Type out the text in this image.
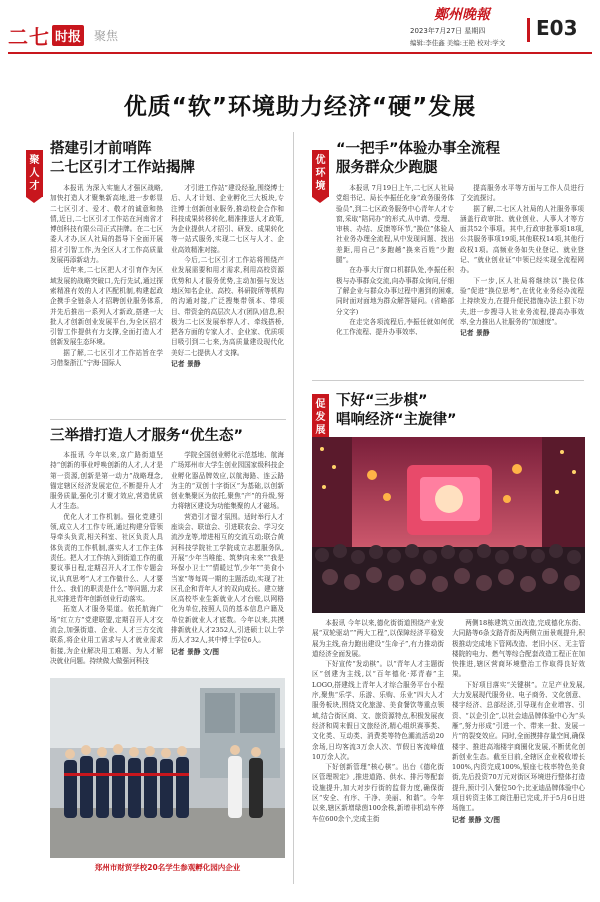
二七 时报 聚焦
鄭州晚報
2023年7月27日 星期四
编辑:李佳鑫 美编:王艳 校对:学文
E03
优质“软”环境助力经济“硬”发展
聚人才
搭建引才前哨阵
二七区引才工作站揭牌

本报讯 为深入实施人才强区战略,加快打造人才聚集新高地,进一步彰显二七区引才、爱才、敬才的诚意和热情,近日,二七区引才工作站在河南省才博创科技有限公司正式挂牌。在二七区委人才办,区人社局的指导下全面开展招才引智工作,为全区人才工作高质量发展再添新动力。

近年来,二七区把人才引育作为区域发展的战略突破口,先行先试,通过探索精准有效的人才匹配机制,构建起政企携手全链条人才招聘创业服务体系,并先后推出一系列人才新政,搭建一大批人才创新创业发展平台,为全区招才引智工作提供有力支撑,全面打造人才创新发展生态环境。

据了解,二七区引才工作站旨在学习借鉴浙江“宁海·国际人

才引进工作站”建设经验,围绕博士后、人才计划、企业孵化三大板块,专注博士创新创业服务,推动校企合作和科技成果转移转化,精准推送人才政策,为企业提供人才招引、研发、成果转化等一站式服务,实现二七区与人才、企业高效精准对接。

今后,二七区引才工作站将围绕产业发展需要和用才需求,利用高校资源优势和人才服务优势,主动加强与发达地区知名企业、高校、科研院所等机构的沟通对接,广泛搜集带领本、带项目、带资金的高层次人才(团队)信息,积极为二七区发展举荐人才、牵线搭桥,把各方面的专家人才、企业家、优质项目吸引到二七来,为高质量建设现代化美好二七提供人才支撑。

记者 景静
三举措打造人才服务“优生态”

本报讯 今年以来,京广路街道坚持“创新的事业呼唤创新的人才,人才是第一资源,创新是第一动力”战略理念,锚定辖区经济发展定位,不断提升人才服务质量,强化引才聚才效应,营造优质人才生态。

优化人才工作机制。强化党建引领,成立人才工作专班,通过构建分管领导牵头负责,相关科室、社区负责人具体负责的工作机制,落实人才工作主体责任。把人才工作纳入到街道工作的重要议事日程,定期召开人才工作专题会议,认真思考“人才工作做什么、人才要什么、我们的职责是什么”等问题,力求扎实推进青年创新创业行动落实。

拓宽人才服务渠道。依托航海广场“红立方”党建联盟,定期召开人才交流会,加强街道、企业、人才三方交流联系,将企业用工需求与人才就业需求衔接,为企业解决用工难题、为人才解决就业问题。持续做大做强河科技

学院全国创业孵化示范基地、航海广场郑州市大学生创业园国家级科技企业孵化器品牌效应,以航海路、连云路为主的“双创十字街区”为基础,以创新创业集聚区为依托,聚焦“产”的升级,努力将辖区建设为功能集聚的人才磁场。

营造引才留才氛围。适时举行人才座谈会、联谊会、引进联农会、学习交流沙龙等,增进相互的交流互动;联合黄河科技学院社工学院成立志愿服务队,开展“少年当唯能、筑梦向未来”“我是环保小卫士”“情暖过节,少年”“美食小当家”等每周一期的主题活动,实现了社区孔企和青年人才的双向成长。建立辖区高校毕业生新就业人才台账,以网格化为单位,按照人员的基本信息户籍及单位新就业人才底数。今年以来,共摸排新就业人才2352人,引进硕士以上学历人才32人,其中博士学位6人。

记者 景静 文/图
郑州市财贸学校20名学生参观孵化园内企业
优环境
促发展
“一把手”体验办事全流程
服务群众少跑腿

本报讯 7月19日上午,二七区人社局党组书记、局长李振任化身“政务服务体验员”,到二七区政务服务中心青年人才专窗,采取“陪同办”的形式,从申请、受理、审核、办结、反馈等环节,“换位”体验人社业务办理全流程,从中发现问题、找出差距,用自己“多跑趟”换来百姓“少跑腿”。

在办事大厅窗口机群队处,李振任积极与办事群众交流,向办事群众询问,仔细了解企业与群众办事过程中遇到的困难,同时面对面地为群众解答疑问。(省略部分文字)

在走完各项流程后,李振任就如何优化工作流程、提升办事效率、

提高服务水平等方面与工作人员进行了交流探讨。

据了解,二七区人社局的人社服务事项涵盖行政审批、就业创业、人事人才等方面共52个事项。其中,行政审批事项18项,公共服务事项19项,其他联权14项,其他行政权1项。高频业务如失业登记、就业登记、“就业创业证”申领已经实现全流程网办。

下一步,区人社局将继续以“换位体验”促进“换位思考”,在优化业务经办流程上持续发力,在提升便民措施办法上狠下功夫,进一步搜寻人社业务流程,提高办事效率,全力推出人社服务的“加速度”。

记者 景静
下好“三步棋”
唱响经济“主旋律”

本报讯 今年以来,德化街街道围绕产业发展“双轮驱动”“两大工程”,以保障经济平稳发展为主线,奋力跑出建设“生命子”,有力推动街道经济全面发展。

下好宣传“发动棋”。以“青年人才主题街区”创建为主线,以“百年德化·郑青春”主LOGO,搭建线上青年人才综合服务平台小程序,聚焦“乐学、乐游、乐购、乐业”四大人才服务板块,围绕文化旅游、美食餐饮等重点领域,结合街区商、文、旅资源特点,积极发展夜经济和周末假日文旅经济,精心组织赛事类、文化类、互动类、消费类等特色潮流活动20余场,日均客流3万余人次、节假日客流峰值10万余人次。

下好创新管理“核心棋”。出台《德化街区管理规定》,推进道路、供水、排污等配套设施提升,加大对步行街的监督力度,确保街区“安全、有序、干净、美丽、和谐”。今年以来,辖区新增绿茵100余株,新增非机动车停车位600余个,完成主街

两侧18栋建筑立面改造,完成德化东街、大同路等6条支路背街及两侧立面景观提升,积极推动完成地下管网改造、老旧小区、无主管楼院的电力、燃气等综合配套改造工程正在加快推进,辖区营商环境整治工作取得良好效果。

下好项目落实“关键棋”。立足产业发展,大力发展现代服务业、电子商务、文化创意、楼宇经济、总部经济,引导现有企业增容、引资、“以企引企”,以社会迪品牌体验中心为“头雁”,努力形成“引进一个、带来一批、发展一片”的裂变效应。同时,全面摸排存量空间,确保楼宇、推进高端楼宇商圈化发展,不断优化创新创业生态。截至目前,全辖区企业税收增长100%,内资完成100%,银座七枝率特色美食街,先后投资70万元对街区环境进行整体打造提升,预计引入餐位50个;比亚迪品牌体验中心项目转资主体工商注册已完成,并于5月6日进场施工。

记者 景静 文/图
